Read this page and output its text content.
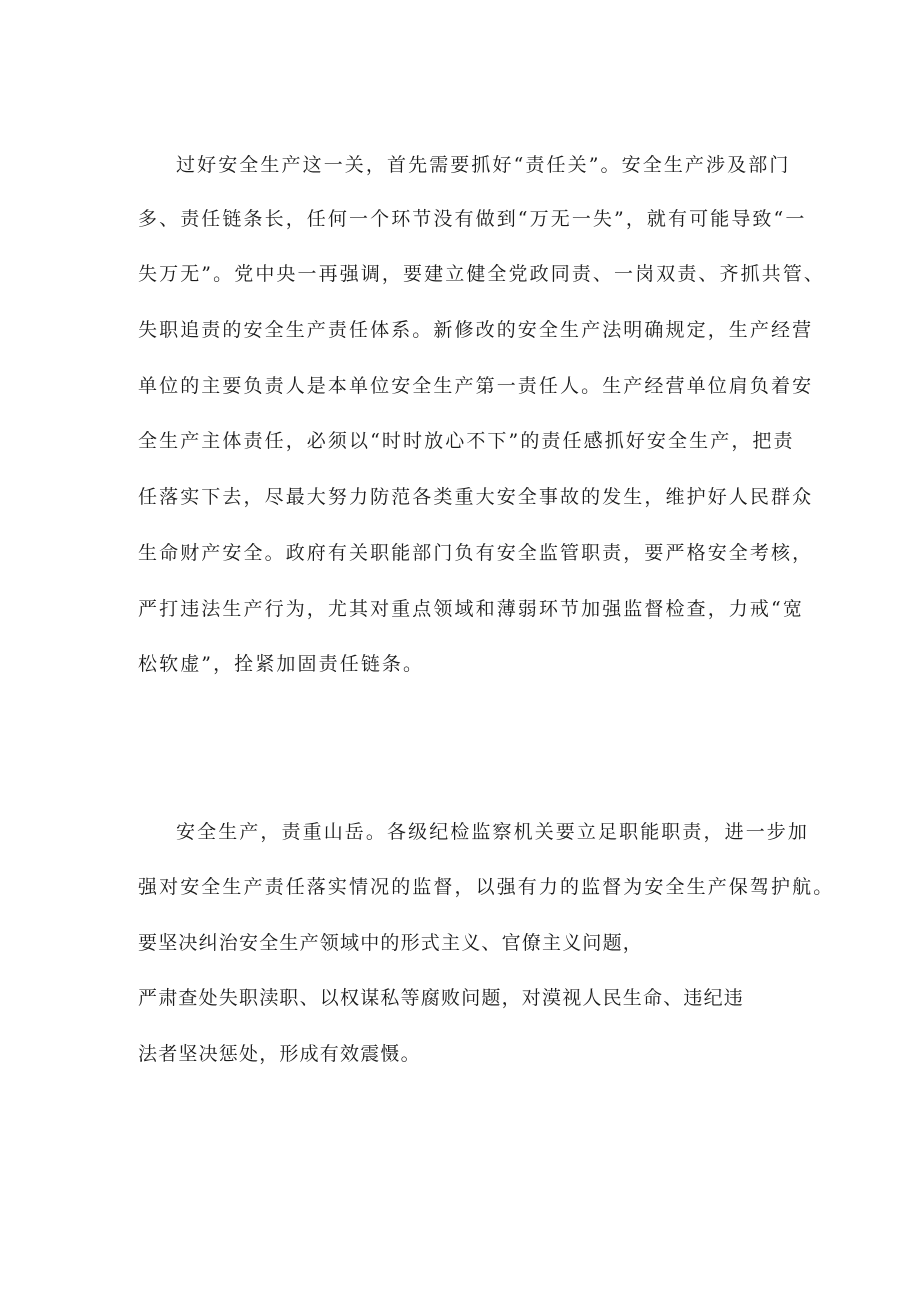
过好安全生产这一关，首先需要抓好“责任关”。安全生产涉及部门
多、责任链条长，任何一个环节没有做到“万无一失”，就有可能导致“一
失万无”。党中央一再强调，要建立健全党政同责、一岗双责、齐抓共管、
失职追责的安全生产责任体系。新修改的安全生产法明确规定，生产经营
单位的主要负责人是本单位安全生产第一责任人。生产经营单位肩负着安
全生产主体责任，必须以“时时放心不下”的责任感抓好安全生产，把责
任落实下去，尽最大努力防范各类重大安全事故的发生，维护好人民群众
生命财产安全。政府有关职能部门负有安全监管职责，要严格安全考核，
严打违法生产行为，尤其对重点领域和薄弱环节加强监督检查，力戒“宽
松软虚”，拴紧加固责任链条。
安全生产，责重山岳。各级纪检监察机关要立足职能职责，进一步加
强对安全生产责任落实情况的监督，以强有力的监督为安全生产保驾护航。
要坚决纠治安全生产领域中的形式主义、官僚主义问题，
严肃查处失职渎职、以权谋私等腐败问题，对漠视人民生命、违纪违
法者坚决惩处，形成有效震慑。
